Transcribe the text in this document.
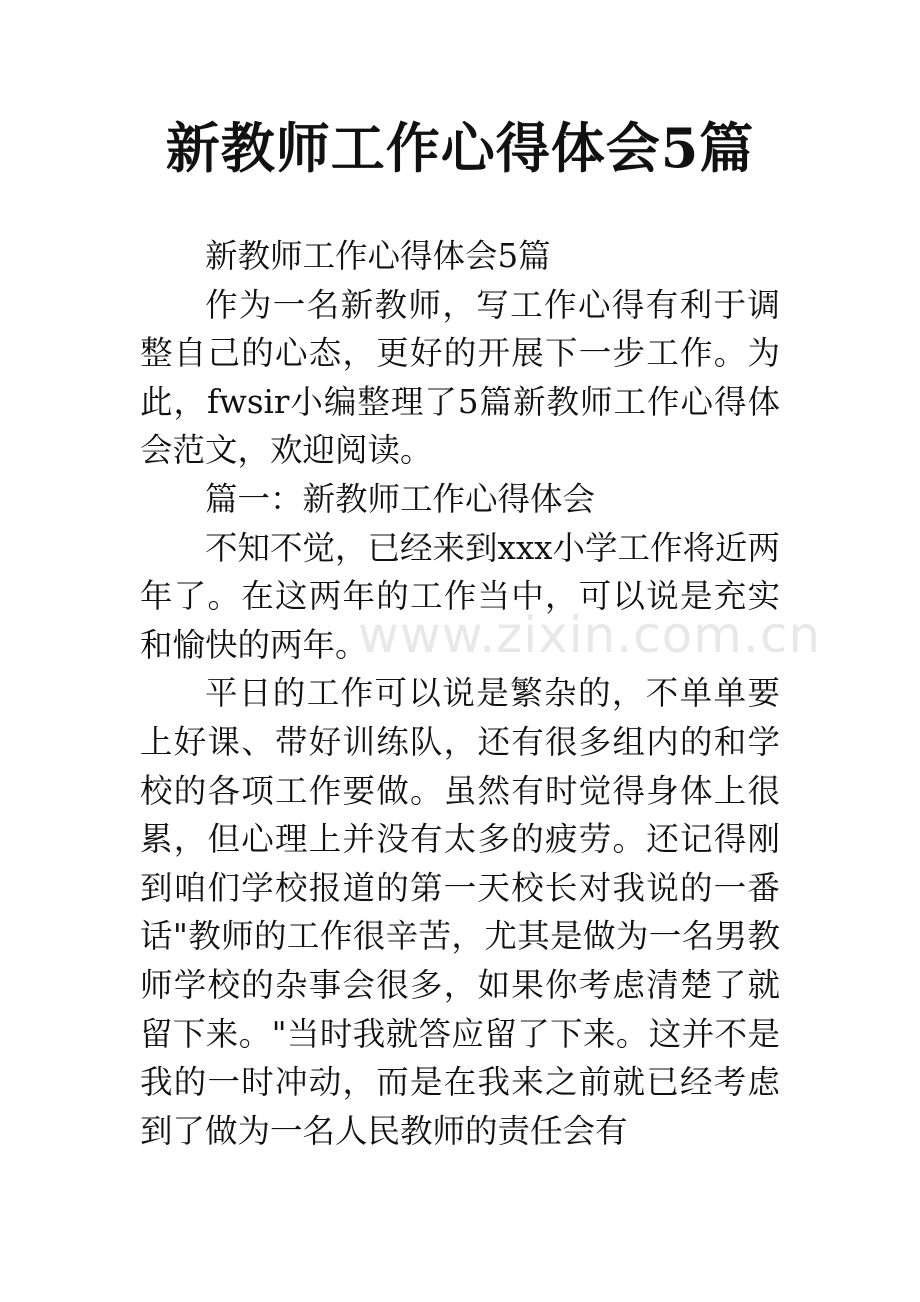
新教师工作心得体会5篇

新教师工作心得体会5篇

作为一名新教师，写工作心得有利于调整自己的心态，更好的开展下一步工作。为此，fwsir小编整理了5篇新教师工作心得体会范文，欢迎阅读。

篇一：新教师工作心得体会

不知不觉，已经来到xxx小学工作将近两年了。在这两年的工作当中，可以说是充实和愉快的两年。

平日的工作可以说是繁杂的，不单单要上好课、带好训练队，还有很多组内的和学校的各项工作要做。虽然有时觉得身体上很累，但心理上并没有太多的疲劳。还记得刚到咱们学校报道的第一天校长对我说的一番话"教师的工作很辛苦，尤其是做为一名男教师学校的杂事会很多，如果你考虑清楚了就留下来。"当时我就答应留了下来。这并不是我的一时冲动，而是在我来之前就已经考虑到了做为一名人民教师的责任会有

www.zixin.com.cn
